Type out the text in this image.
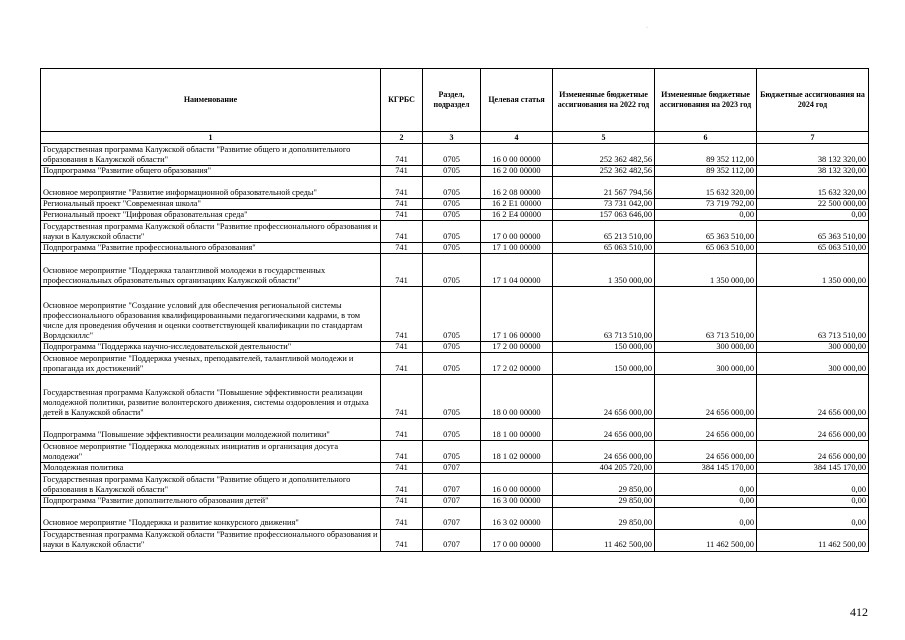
·
Наименование	КГРБС	Раздел, подраздел	Целевая статья	Измененные бюджетные ассигнования на 2022 год	Измененные бюджетные ассигнования на 2023 год	Бюджетные ассигнования на 2024 год
1	2	3	4	5	6	7
Государственная программа Калужской области "Развитие общего и дополнительного образования в Калужской области"	741	0705	16 0 00 00000	252 362 482,56	89 352 112,00	38 132 320,00
Подпрограмма "Развитие общего образования"	741	0705	16 2 00 00000	252 362 482,56	89 352 112,00	38 132 320,00
Основное мероприятие "Развитие информационной образовательной среды"	741	0705	16 2 08 00000	21 567 794,56	15 632 320,00	15 632 320,00
Региональный проект "Современная школа"	741	0705	16 2 E1 00000	73 731 042,00	73 719 792,00	22 500 000,00
Региональный проект "Цифровая образовательная среда"	741	0705	16 2 E4 00000	157 063 646,00	0,00	0,00
Государственная программа Калужской области "Развитие профессионального образования и науки в Калужской области"	741	0705	17 0 00 00000	65 213 510,00	65 363 510,00	65 363 510,00
Подпрограмма "Развитие профессионального образования"	741	0705	17 1 00 00000	65 063 510,00	65 063 510,00	65 063 510,00
Основное мероприятие "Поддержка талантливой молодежи в государственных профессиональных образовательных организациях Калужской области"	741	0705	17 1 04 00000	1 350 000,00	1 350 000,00	1 350 000,00
Основное мероприятие "Создание условий для обеспечения региональной системы профессионального образования квалифицированными педагогическими кадрами, в том числе для проведения обучения и оценки соответствующей квалификации по стандартам Ворлдскиллс"	741	0705	17 1 06 00000	63 713 510,00	63 713 510,00	63 713 510,00
Подпрограмма "Поддержка научно-исследовательской деятельности"	741	0705	17 2 00 00000	150 000,00	300 000,00	300 000,00
Основное мероприятие "Поддержка ученых, преподавателей, талантливой молодежи и пропаганда их достижений"	741	0705	17 2 02 00000	150 000,00	300 000,00	300 000,00
Государственная программа Калужской области "Повышение эффективности реализации молодежной политики, развитие волонтерского движения, системы оздоровления и отдыха детей в Калужской области"	741	0705	18 0 00 00000	24 656 000,00	24 656 000,00	24 656 000,00
Подпрограмма "Повышение эффективности реализации молодежной политики"	741	0705	18 1 00 00000	24 656 000,00	24 656 000,00	24 656 000,00
Основное мероприятие "Поддержка молодежных инициатив и организация досуга молодежи"	741	0705	18 1 02 00000	24 656 000,00	24 656 000,00	24 656 000,00
Молодежная политика	741	0707		404 205 720,00	384 145 170,00	384 145 170,00
Государственная программа Калужской области "Развитие общего и дополнительного образования в Калужской области"	741	0707	16 0 00 00000	29 850,00	0,00	0,00
Подпрограмма "Развитие дополнительного образования детей"	741	0707	16 3 00 00000	29 850,00	0,00	0,00
Основное мероприятие "Поддержка и развитие конкурсного движения"	741	0707	16 3 02 00000	29 850,00	0,00	0,00
Государственная программа Калужской области "Развитие профессионального образования и науки в Калужской области"	741	0707	17 0 00 00000	11 462 500,00	11 462 500,00	11 462 500,00
412
